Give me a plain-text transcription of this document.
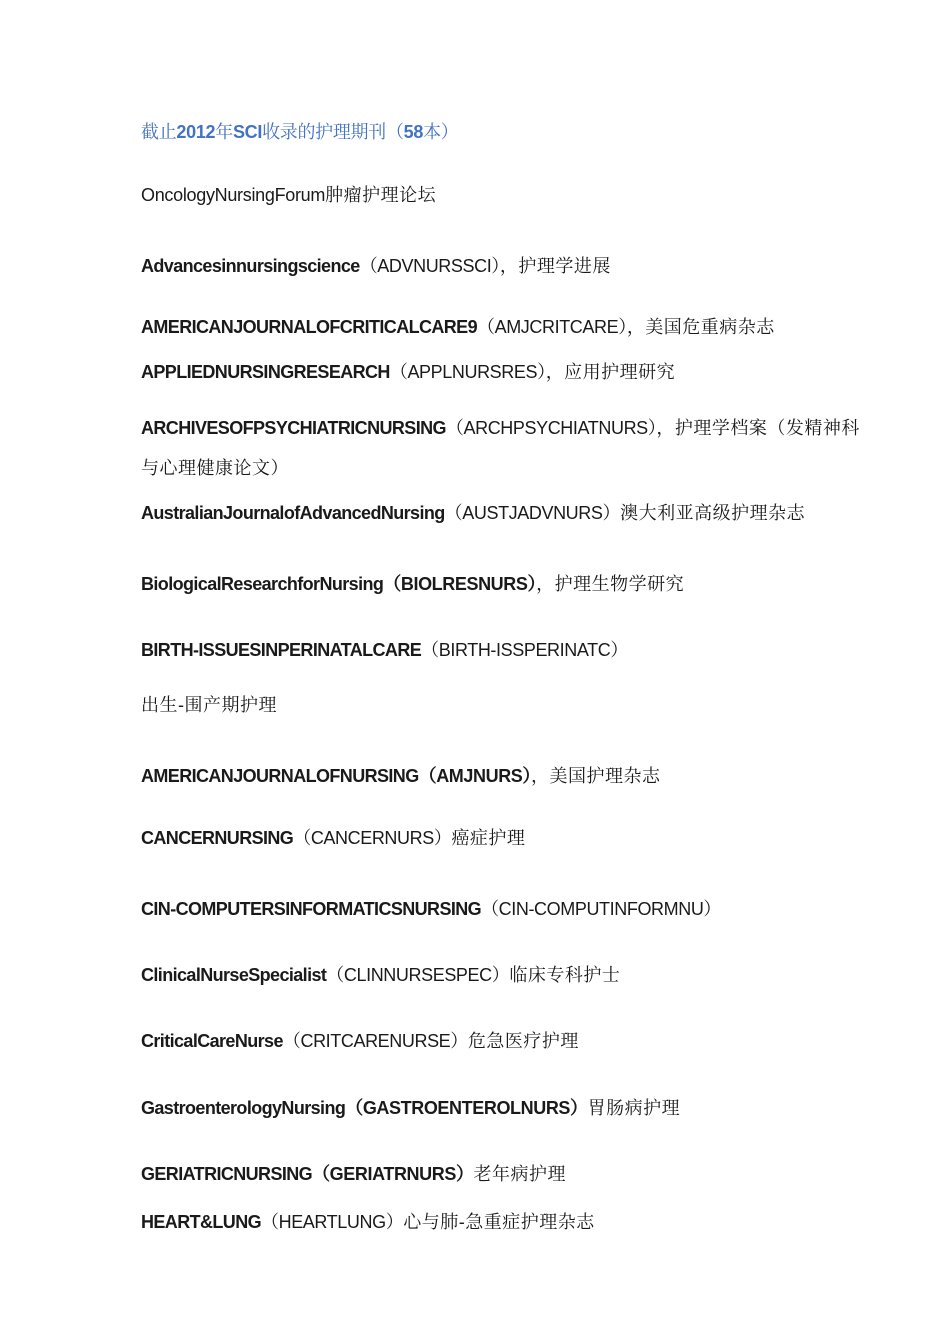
截止2012年SCI收录的护理期刊（58本）
OncologyNursingForum肿瘤护理论坛
Advancesinnursingscience（ADVNURSSCI），护理学进展
AMERICANJOURNALOFCRITICALCARE9（AMJCRITCARE），美国危重病杂志
APPLIEDNURSINGRESEARCH（APPLNURSRES），应用护理研究
ARCHIVESOFPSYCHIATRICNURSING（ARCHPSYCHIATNURS），护理学档案（发精神科
与心理健康论文）
AustralianJournalofAdvancedNursing（AUSTJADVNURS）澳大利亚高级护理杂志
BiologicalResearchforNursing（BIOLRESNURS），护理生物学研究
BIRTH-ISSUESINPERINATALCARE（BIRTH-ISSPERINATC）
出生-围产期护理
AMERICANJOURNALOFNURSING（AMJNURS），美国护理杂志
CANCERNURSING（CANCERNURS）癌症护理
CIN-COMPUTERSINFORMATICSNURSING（CIN-COMPUTINFORMNU）
ClinicalNurseSpecialist（CLINNURSESPEC）临床专科护士
CriticalCareNurse（CRITCARENURSE）危急医疗护理
GastroenterologyNursing（GASTROENTEROLNURS）胃肠病护理
GERIATRICNURSING（GERIATRNURS）老年病护理
HEART&LUNG（HEARTLUNG）心与肺-急重症护理杂志
